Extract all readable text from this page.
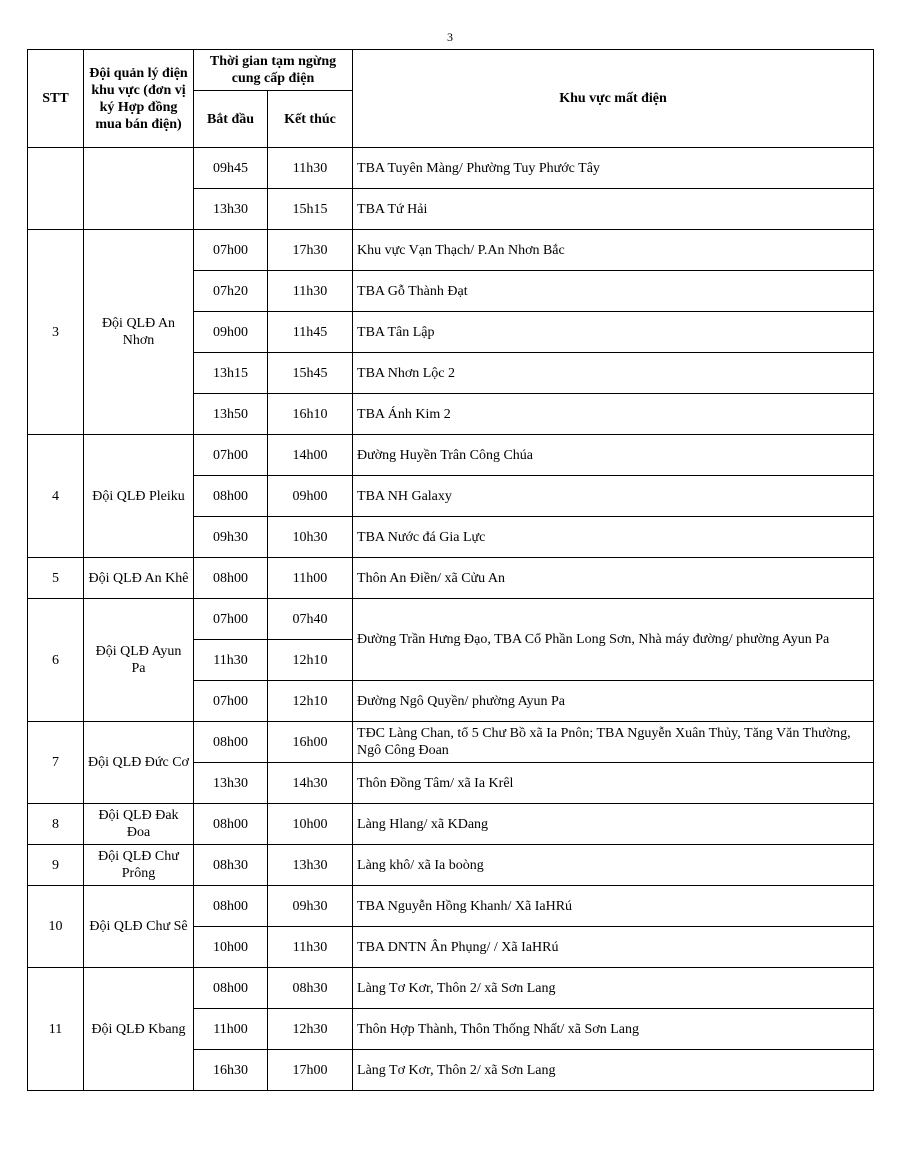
3
STT	Đội quản lý điện khu vực (đơn vị ký Hợp đồng mua bán điện)	Thời gian tạm ngừng cung cấp điện		Khu vực mất điện
		Bắt đầu	Kết thúc	
		09h45	11h30	TBA Tuyên Màng/ Phường Tuy Phước Tây
		13h30	15h15	TBA Tứ Hải
3	Đội QLĐ An Nhơn	07h00	17h30	Khu vực Vạn Thạch/ P.An Nhơn Bắc
		07h20	11h30	TBA Gỗ Thành Đạt
		09h00	11h45	TBA Tân Lập
		13h15	15h45	TBA Nhơn Lộc 2
		13h50	16h10	TBA Ánh Kim 2
4	Đội QLĐ Pleiku	07h00	14h00	Đường Huyền Trân Công Chúa
		08h00	09h00	TBA NH Galaxy
		09h30	10h30	TBA Nước đá Gia Lực
5	Đội QLĐ An Khê	08h00	11h00	Thôn An Điền/ xã Cửu An
6	Đội QLĐ Ayun Pa	07h00	07h40	Đường Trần Hưng Đạo, TBA Cổ Phần Long Sơn, Nhà máy đường/ phường Ayun Pa
		11h30	12h10	
		07h00	12h10	Đường Ngô Quyền/ phường Ayun Pa
7	Đội QLĐ Đức Cơ	08h00	16h00	TĐC Làng Chan, tổ 5 Chư Bồ xã Ia Pnôn; TBA Nguyễn Xuân Thủy, Tăng Văn Thường, Ngô Công Đoan
		13h30	14h30	Thôn Đồng Tâm/ xã Ia Krêl
8	Đội QLĐ Đak Đoa	08h00	10h00	Làng Hlang/ xã KDang
9	Đội QLĐ Chư Prông	08h30	13h30	Làng khô/ xã Ia boòng
10	Đội QLĐ Chư Sê	08h00	09h30	TBA Nguyễn Hồng Khanh/ Xã IaHRú
		10h00	11h30	TBA DNTN Ân Phụng/ / Xã IaHRú
11	Đội QLĐ Kbang	08h00	08h30	Làng Tơ Kơr, Thôn 2/ xã Sơn Lang
		11h00	12h30	Thôn Hợp Thành, Thôn Thống Nhất/ xã Sơn Lang
		16h30	17h00	Làng Tơ Kơr, Thôn 2/ xã Sơn Lang
